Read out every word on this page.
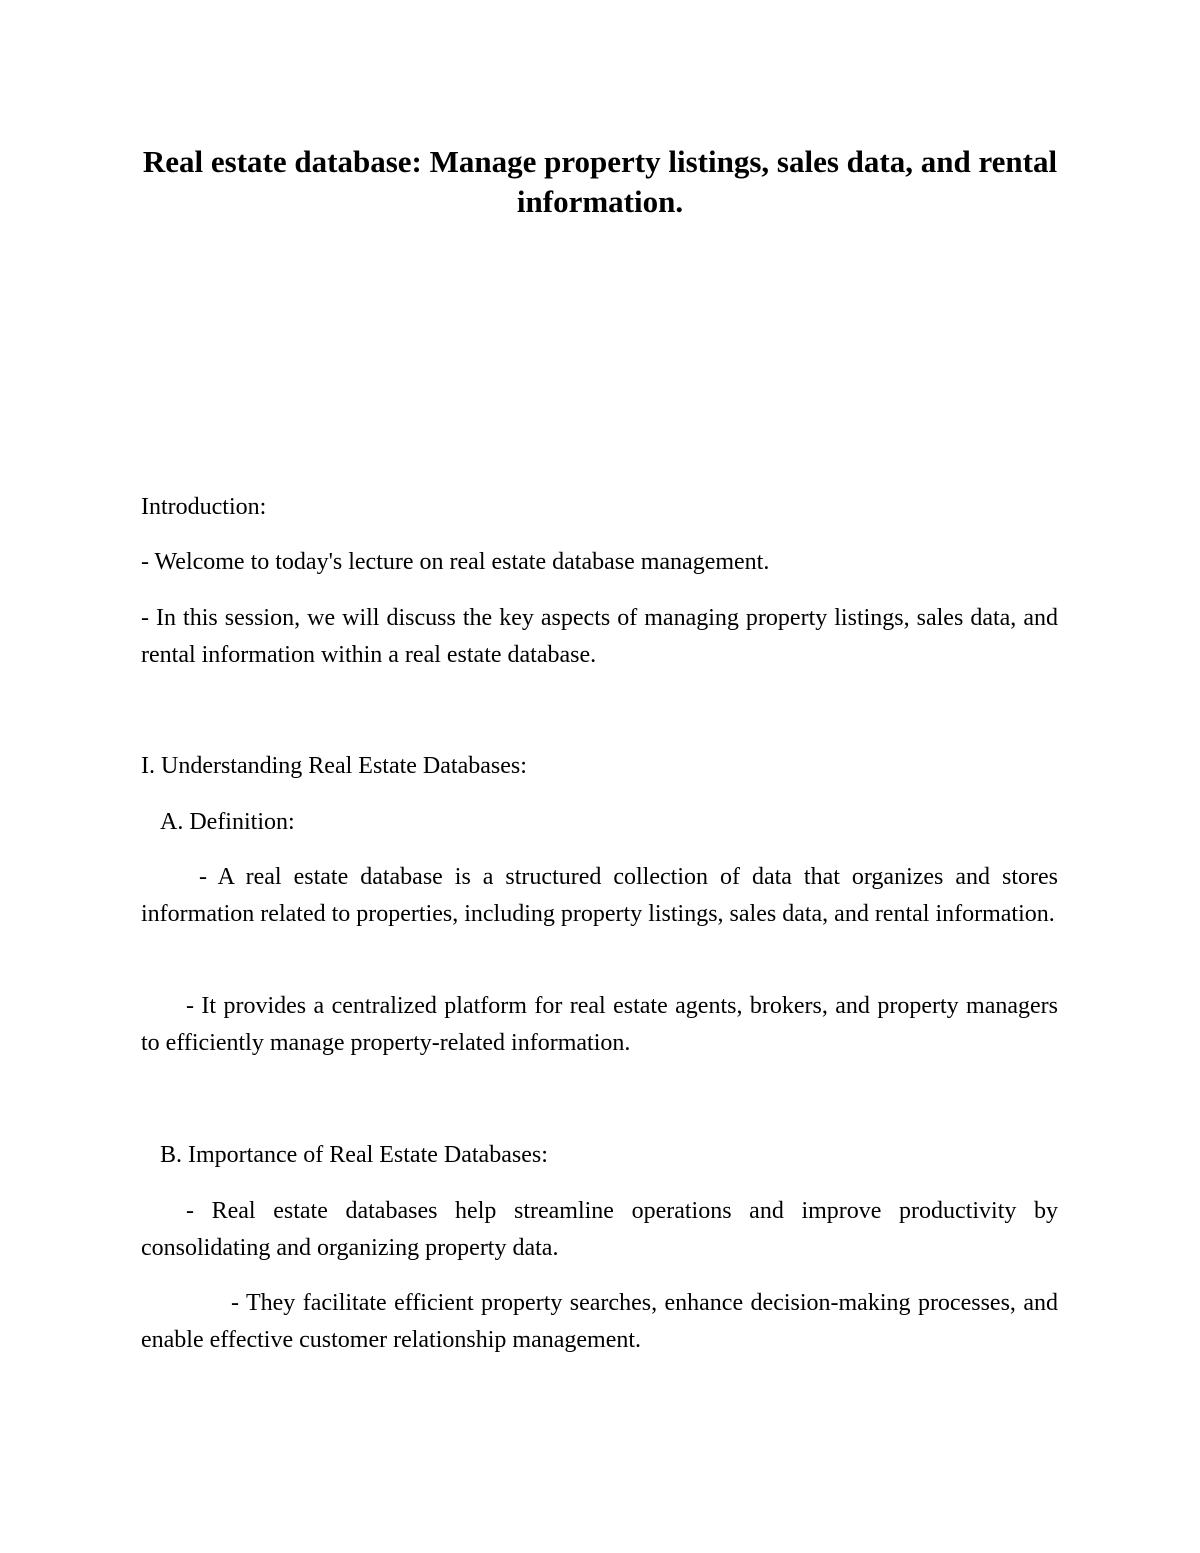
Real estate database: Manage property listings, sales data, and rental information.

Introduction:

- Welcome to today's lecture on real estate database management.

- In this session, we will discuss the key aspects of managing property listings, sales data, and rental information within a real estate database.

I. Understanding Real Estate Databases:

A. Definition:

- A real estate database is a structured collection of data that organizes and stores information related to properties, including property listings, sales data, and rental information.

- It provides a centralized platform for real estate agents, brokers, and property managers to efficiently manage property-related information.

B. Importance of Real Estate Databases:

- Real estate databases help streamline operations and improve productivity by consolidating and organizing property data.

- They facilitate efficient property searches, enhance decision-making processes, and enable effective customer relationship management.
